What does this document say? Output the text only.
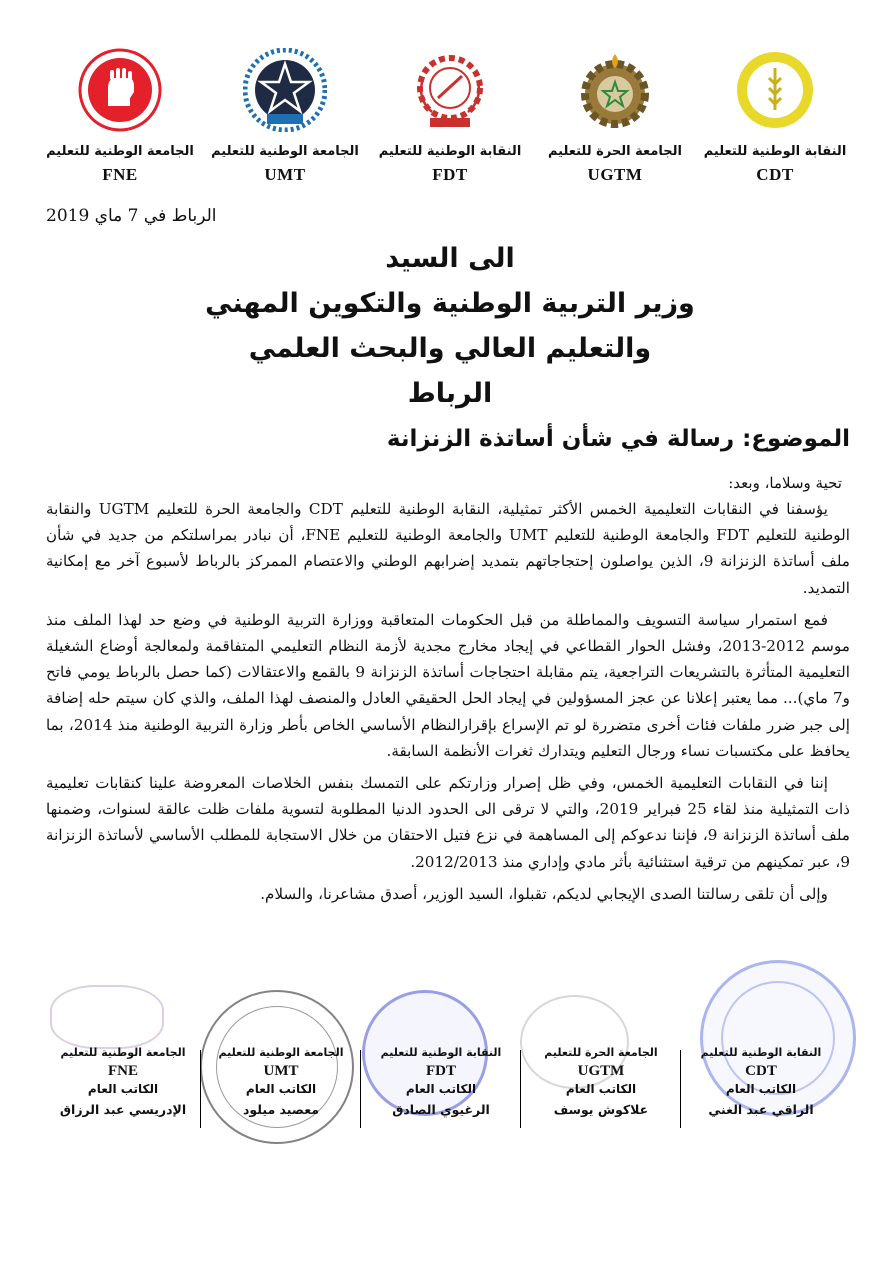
الجامعة الوطنية للتعليم
FNE
الجامعة الوطنية للتعليم
UMT
النقابة الوطنية للتعليم
FDT
الجامعة الحرة للتعليم
UGTM
النقابة الوطنية للتعليم
CDT
الرباط في 7 ماي 2019
الى السيد
وزير التربية الوطنية والتكوين المهني
والتعليم العالي والبحث العلمي
الرباط
الموضوع: رسالة في شأن أساتذة الزنزانة
تحية وسلاما، وبعد:

يؤسفنا في النقابات التعليمية الخمس الأكثر تمثيلية، النقابة الوطنية للتعليم CDT والجامعة الحرة للتعليم UGTM والنقابة الوطنية للتعليم FDT والجامعة الوطنية للتعليم UMT والجامعة الوطنية للتعليم FNE، أن نبادر بمراسلتكم من جديد في شأن ملف أساتذة الزنزانة 9، الذين يواصلون إحتجاجاتهم بتمديد إضرابهم الوطني والاعتصام الممركز بالرباط لأسبوع آخر مع إمكانية التمديد.

فمع استمرار سياسة التسويف والمماطلة من قبل الحكومات المتعاقبة ووزارة التربية الوطنية في وضع حد لهذا الملف منذ موسم 2012-2013، وفشل الحوار القطاعي في إيجاد مخارج مجدية لأزمة النظام التعليمي المتفاقمة ولمعالجة أوضاع الشغيلة التعليمية المتأثرة بالتشريعات التراجعية، يتم مقابلة احتجاجات أساتذة الزنزانة 9 بالقمع والاعتقالات (كما حصل بالرباط يومي فاتح و7 ماي)... مما يعتبر إعلانا عن عجز المسؤولين في إيجاد الحل الحقيقي العادل والمنصف لهذا الملف، والذي كان سيتم حله إضافة إلى جبر ضرر ملفات فئات أخرى متضررة لو تم الإسراع بإقرارالنظام الأساسي الخاص بأطر وزارة التربية الوطنية منذ 2014، بما يحافظ على مكتسبات نساء ورجال التعليم ويتدارك ثغرات الأنظمة السابقة.

إننا في النقابات التعليمية الخمس، وفي ظل إصرار وزارتكم على التمسك بنفس الخلاصات المعروضة علينا كنقابات تعليمية ذات التمثيلية منذ لقاء 25 فبراير 2019، والتي لا ترقى الى الحدود الدنيا المطلوبة لتسوية ملفات ظلت عالقة لسنوات، وضمنها ملف أساتذة الزنزانة 9، فإننا ندعوكم إلى المساهمة في نزع فتيل الاحتقان من خلال الاستجابة للمطلب الأساسي لأساتذة الزنزانة 9، عبر تمكينهم من ترقية استثنائية بأثر مادي وإداري منذ 2012/2013.

وإلى أن تلقى رسالتنا الصدى الإيجابي لديكم، تقبلوا، السيد الوزير، أصدق مشاعرنا، والسلام.

الجامعة الوطنية للتعليم
FNE
الكاتب العام
الإدريسي عبد الرزاق
الجامعة الوطنية للتعليم
UMT
الكاتب العام
معصيد ميلود
النقابة الوطنية للتعليم
FDT
الكاتب العام
الرغيوي الصادق
الجامعة الحرة للتعليم
UGTM
الكاتب العام
علاكوش يوسف
النقابة الوطنية للتعليم
CDT
الكاتب العام
الراقي عبد الغني
